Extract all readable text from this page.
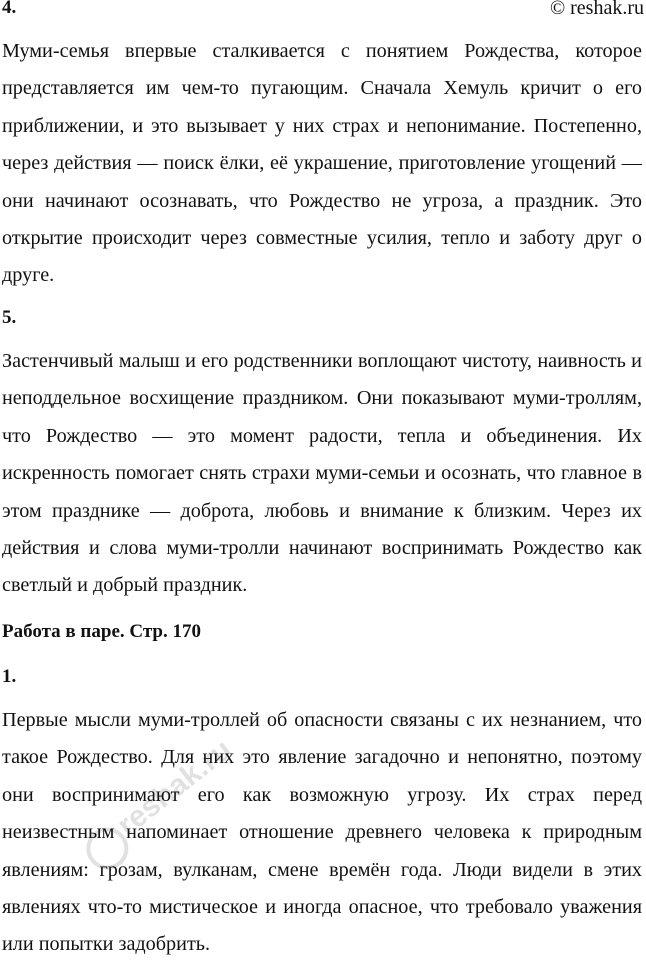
© reshak.ru
4.

Муми-семья впервые сталкивается с понятием Рождества, которое представляется им чем-то пугающим. Сначала Хемуль кричит о его приближении, и это вызывает у них страх и непонимание. Постепенно, через действия — поиск ёлки, её украшение, приготовление угощений — они начинают осознавать, что Рождество не угроза, а праздник. Это открытие происходит через совместные усилия, тепло и заботу друг о друге.

5.

Застенчивый малыш и его родственники воплощают чистоту, наивность и неподдельное восхищение праздником. Они показывают муми-троллям, что Рождество — это момент радости, тепла и объединения. Их искренность помогает снять страхи муми-семьи и осознать, что главное в этом празднике — доброта, любовь и внимание к близким. Через их действия и слова муми-тролли начинают воспринимать Рождество как светлый и добрый праздник.

Работа в паре. Стр. 170
1.

Первые мысли муми-троллей об опасности связаны с их незнанием, что такое Рождество. Для них это явление загадочно и непонятно, поэтому они воспринимают его как возможную угрозу. Их страх перед неизвестным напоминает отношение древнего человека к природным явлениям: грозам, вулканам, смене времён года. Люди видели в этих явлениях что-то мистическое и иногда опасное, что требовало уважения или попытки задобрить.

reshak.ru
